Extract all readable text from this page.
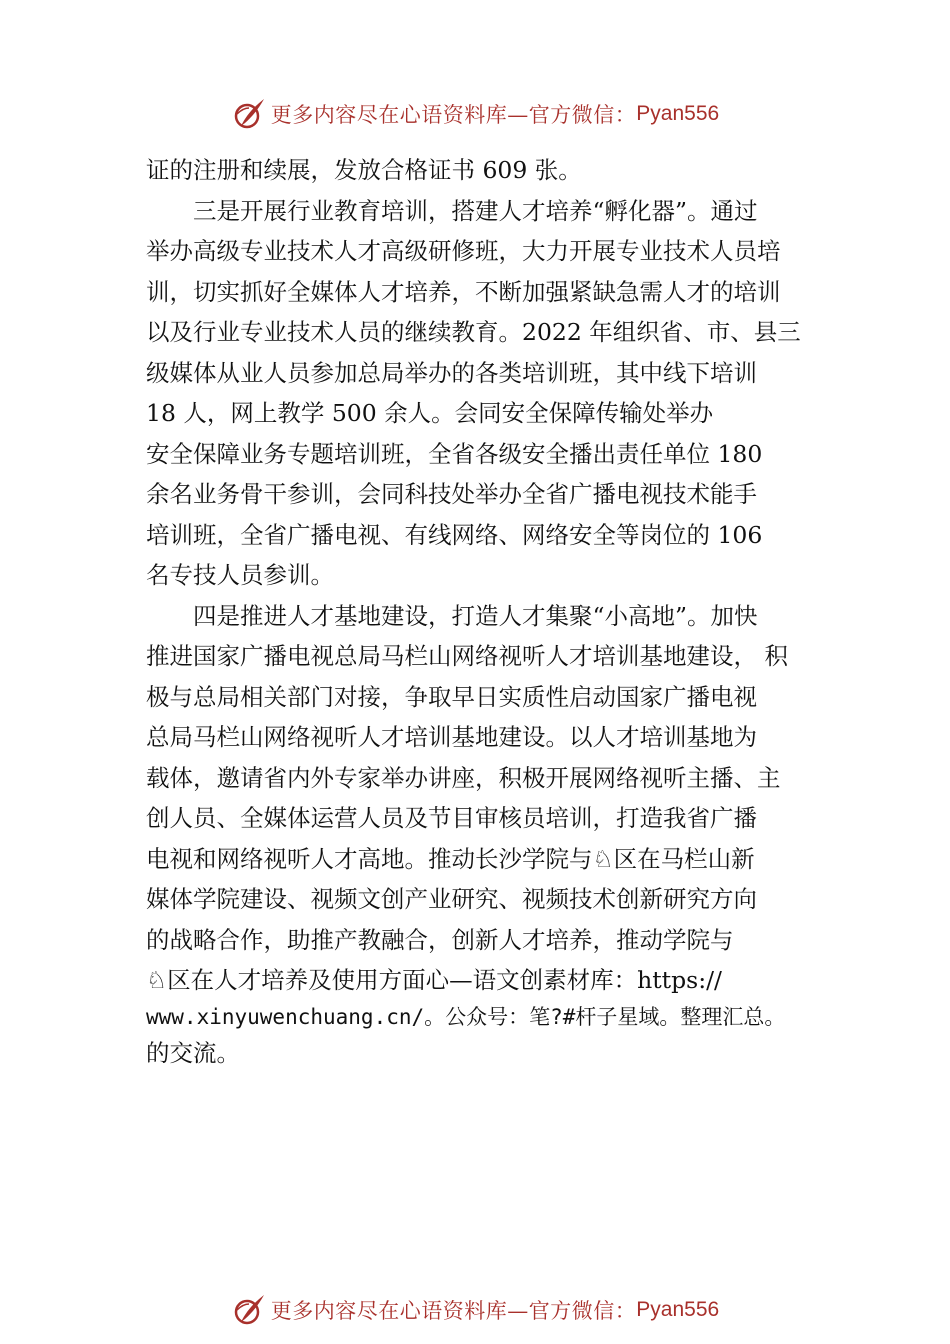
更多内容尽在心语资料库—官方微信： Pyan556
证的注册和续展，发放合格证书 609 张。
三是开展行业教育培训，搭建人才培养“孵化器”。通过
举办高级专业技术人才高级研修班，大力开展专业技术人员培
训，切实抓好全媒体人才培养，不断加强紧缺急需人才的培训
以及行业专业技术人员的继续教育。2022 年组织省、市、县三
级媒体从业人员参加总局举办的各类培训班，其中线下培训
18 人，网上教学 500 余人。会同安全保障传输处举办
安全保障业务专题培训班，全省各级安全播出责任单位 180
余名业务骨干参训，会同科技处举办全省广播电视技术能手
培训班，全省广播电视、有线网络、网络安全等岗位的 106
名专技人员参训。
四是推进人才基地建设，打造人才集聚“小高地”。加快
推进国家广播电视总局马栏山网络视听人才培训基地建设， 积
极与总局相关部门对接，争取早日实质性启动国家广播电视
总局马栏山网络视听人才培训基地建设。以人才培训基地为
载体，邀请省内外专家举办讲座，积极开展网络视听主播、主
创人员、全媒体运营人员及节目审核员培训，打造我省广播
电视和网络视听人才高地。推动长沙学院与♘区在马栏山新
媒体学院建设、视频文创产业研究、视频技术创新研究方向
的战略合作，助推产教融合，创新人才培养，推动学院与
♘区在人才培养及使用方面心—语文创素材库：https://
www.xinyuwenchuang.cn/。公众号：笔?#杆子星域。整理汇总。
的交流。
更多内容尽在心语资料库—官方微信： Pyan556
